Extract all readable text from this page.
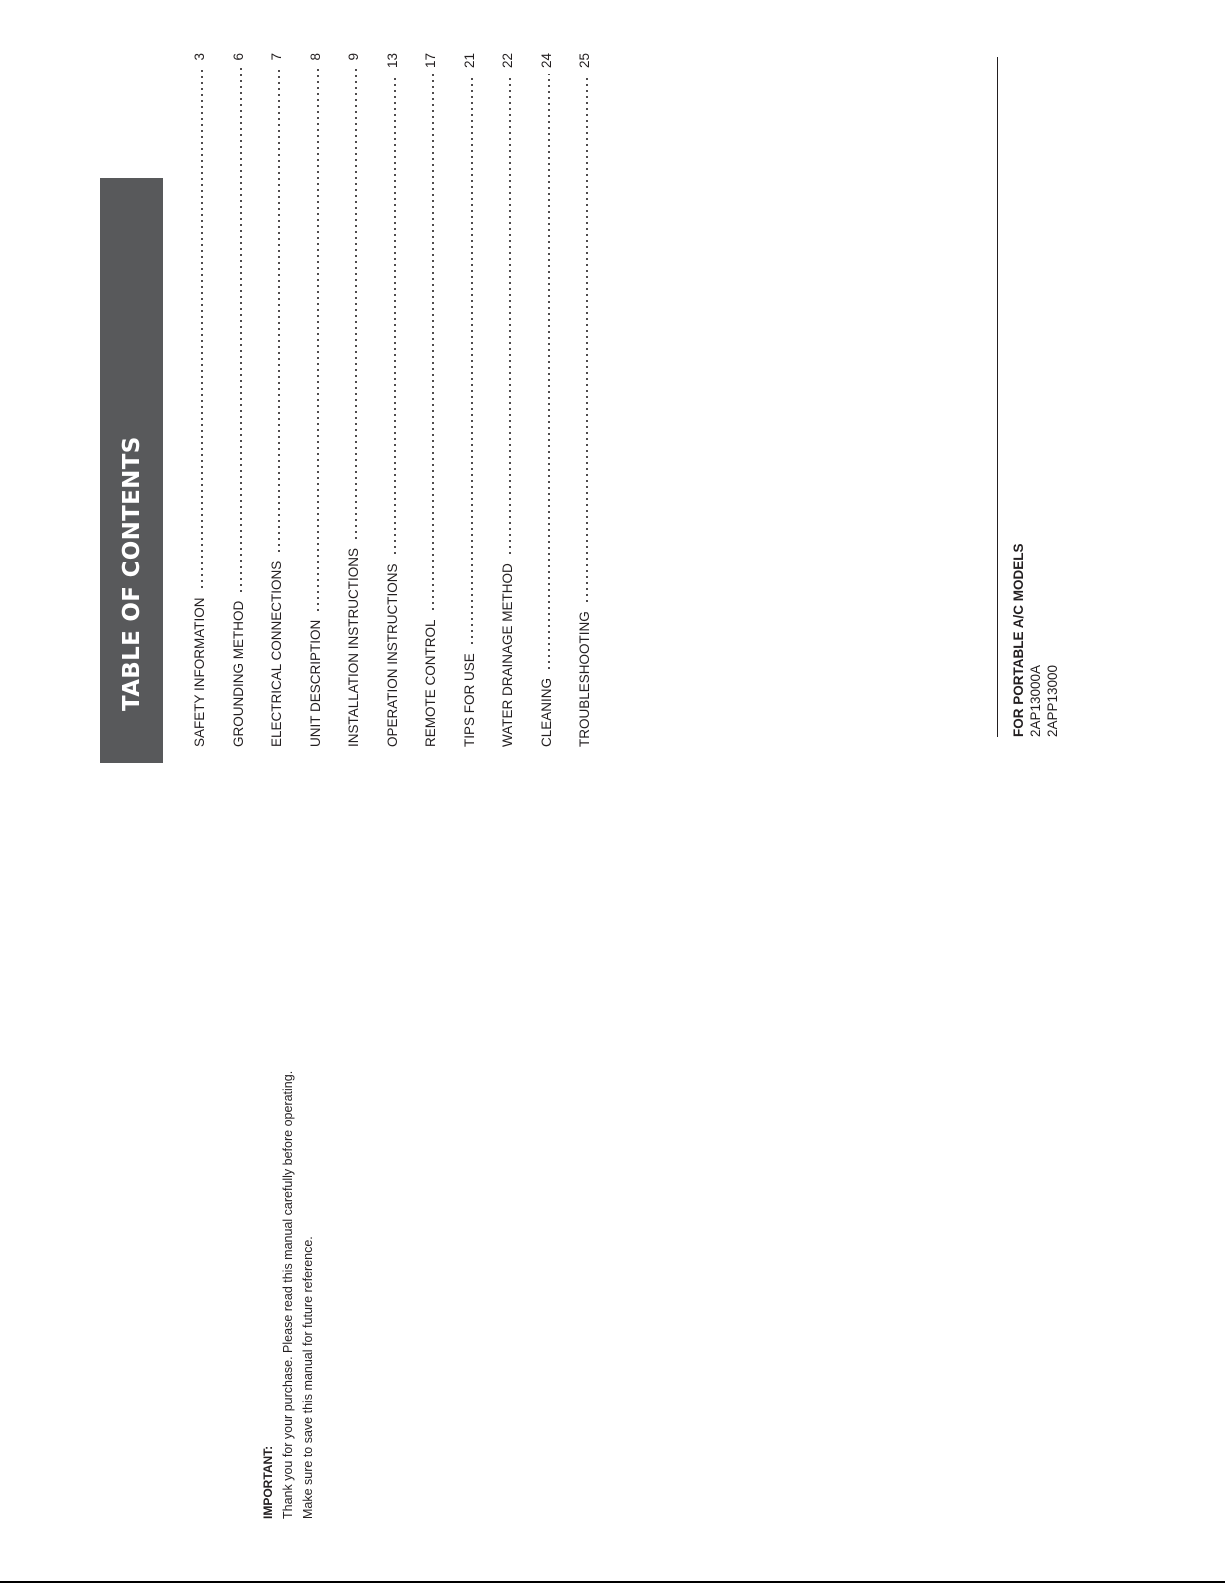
TABLE OF CONTENTS	SAFETY INFORMATION
3
GROUNDING METHOD
6
ELECTRICAL CONNECTIONS
7
UNIT DESCRIPTION
8
INSTALLATION INSTRUCTIONS
9
OPERATION INSTRUCTIONS
13
REMOTE CONTROL
17
TIPS FOR USE
21
WATER DRAINAGE METHOD
22
CLEANING
24
TROUBLESHOOTING
25
FOR PORTABLE A/C MODELS 2AP13000A 2APP13000
IMPORTANT: Thank you for your purchase. Please read this manual carefully before operating. Make sure to save this manual for future reference.
